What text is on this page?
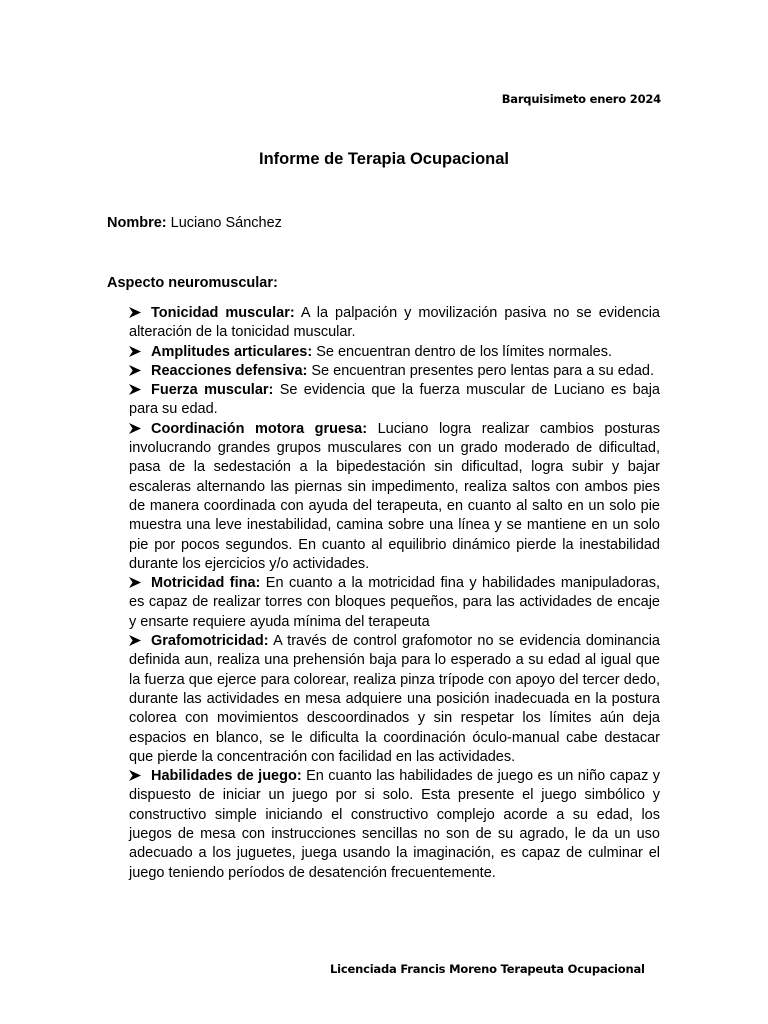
Barquisimeto enero 2024
Informe de Terapia Ocupacional
Nombre: Luciano Sánchez
Aspecto neuromuscular:
Tonicidad muscular: A la palpación y movilización pasiva no se evidencia alteración de la tonicidad muscular.
Amplitudes articulares: Se encuentran dentro de los límites normales.
Reacciones defensiva: Se encuentran presentes pero lentas para a su edad.
Fuerza muscular: Se evidencia que la fuerza muscular de Luciano es baja para su edad.
Coordinación motora gruesa: Luciano logra realizar cambios posturas involucrando grandes grupos musculares con un grado moderado de dificultad, pasa de la sedestación a la bipedestación sin dificultad, logra subir y bajar escaleras alternando las piernas sin impedimento, realiza saltos con ambos pies de manera coordinada con ayuda del terapeuta, en cuanto al salto en un solo pie muestra una leve inestabilidad, camina sobre una línea y se mantiene en un solo pie por pocos segundos. En cuanto al equilibrio dinámico pierde la inestabilidad durante los ejercicios y/o actividades.
Motricidad fina: En cuanto a la motricidad fina y habilidades manipuladoras, es capaz de realizar torres con bloques pequeños, para las actividades de encaje y ensarte requiere ayuda mínima del terapeuta
Grafomotricidad: A través de control grafomotor no se evidencia dominancia definida aun, realiza una prehensión baja para lo esperado a su edad al igual que la fuerza que ejerce para colorear, realiza pinza trípode con apoyo del tercer dedo, durante las actividades en mesa adquiere una posición inadecuada en la postura colorea con movimientos descoordinados y sin respetar los límites aún deja espacios en blanco, se le dificulta la coordinación óculo-manual cabe destacar que pierde la concentración con facilidad en las actividades.
Habilidades de juego: En cuanto las habilidades de juego es un niño capaz y dispuesto de iniciar un juego por si solo. Esta presente el juego simbólico y constructivo simple iniciando el constructivo complejo acorde a su edad, los juegos de mesa con instrucciones sencillas no son de su agrado, le da un uso adecuado a los juguetes, juega usando la imaginación, es capaz de culminar el juego teniendo períodos de desatención frecuentemente.
Licenciada Francis Moreno Terapeuta Ocupacional
